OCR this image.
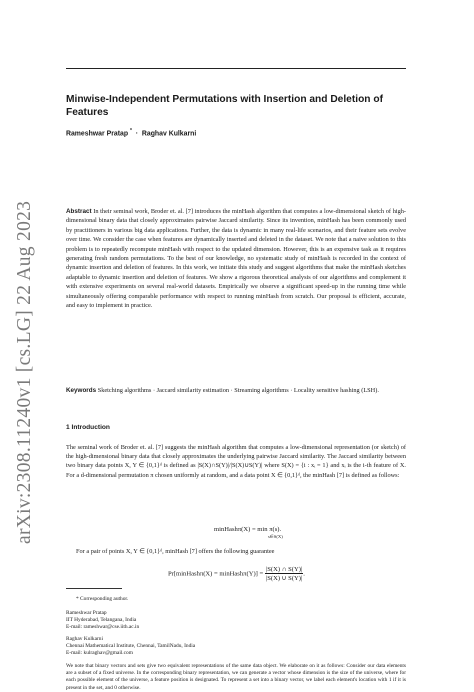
arXiv:2308.11240v1 [cs.LG] 22 Aug 2023
Minwise-Independent Permutations with Insertion and Deletion of
Features
Rameshwar Pratap * · Raghav Kulkarni
Abstract In their seminal work, Broder et. al. [7] introduces the minHash algorithm that computes a low-dimensional sketch of high-dimensional binary data that closely approximates pairwise Jaccard similarity. Since its invention, minHash has been commonly used by practitioners in various big data applications. Further, the data is dynamic in many real-life scenarios, and their feature sets evolve over time. We consider the case when features are dynamically inserted and deleted in the dataset. We note that a naive solution to this problem is to repeatedly recompute minHash with respect to the updated dimension. However, this is an expensive task as it requires generating fresh random permutations. To the best of our knowledge, no systematic study of minHash is recorded in the context of dynamic insertion and deletion of features. In this work, we initiate this study and suggest algorithms that make the minHash sketches adaptable to dynamic insertion and deletion of features. We show a rigorous theoretical analysis of our algorithms and complement it with extensive experiments on several real-world datasets. Empirically we observe a significant speed-up in the running time while simultaneously offering comparable performance with respect to running minHash from scratch. Our proposal is efficient, accurate, and easy to implement in practice.
Keywords Sketching algorithms · Jaccard similarity estimation · Streaming algorithms · Locality sensitive hashing (LSH).
1 Introduction
The seminal work of Broder et. al. [7] suggests the minHash algorithm that computes a low-dimensional representation (or sketch) of the high-dimensional binary data that closely approximates the underlying pairwise Jaccard similarity. The Jaccard similarity between two binary data points X, Y ∈ {0,1}ᵈ is defined as |S(X)∩S(Y)|/|S(X)∪S(Y)| where S(X) = {i : xᵢ = 1} and xᵢ is the i-th feature of X. For a d-dimensional permutation π chosen uniformly at random, and a data point X ∈ {0,1}ᵈ, the minHash [7] is defined as follows:
minHashπ(X) = min π(s).
s∈S(X)
For a pair of points X, Y ∈ {0,1}ᵈ, minHash [7] offers the following guarantee
Pr[minHashπ(X) = minHashπ(Y)] = $\frac{|S(X) \cap S(Y)|}{|S(X) \cup S(Y)|}$ .
* Corresponding author.
Rameshwar Pratap
IIT Hyderabad, Telangana, India
E-mail: rameshwar@cse.iith.ac.in
Raghav Kulkarni
Chennai Mathematical Institute, Chennai, TamilNadu, India
E-mail: kulraghav@gmail.com
We note that binary vectors and sets give two equivalent representations of the same data object. We elaborate on it as follows: Consider our data elements are a subset of a fixed universe. In the corresponding binary representation, we can generate a vector whose dimension is the size of the universe, where for each possible element of the universe, a feature position is designated. To represent a set into a binary vector, we label each element's location with 1 if it is present in the set, and 0 otherwise.
